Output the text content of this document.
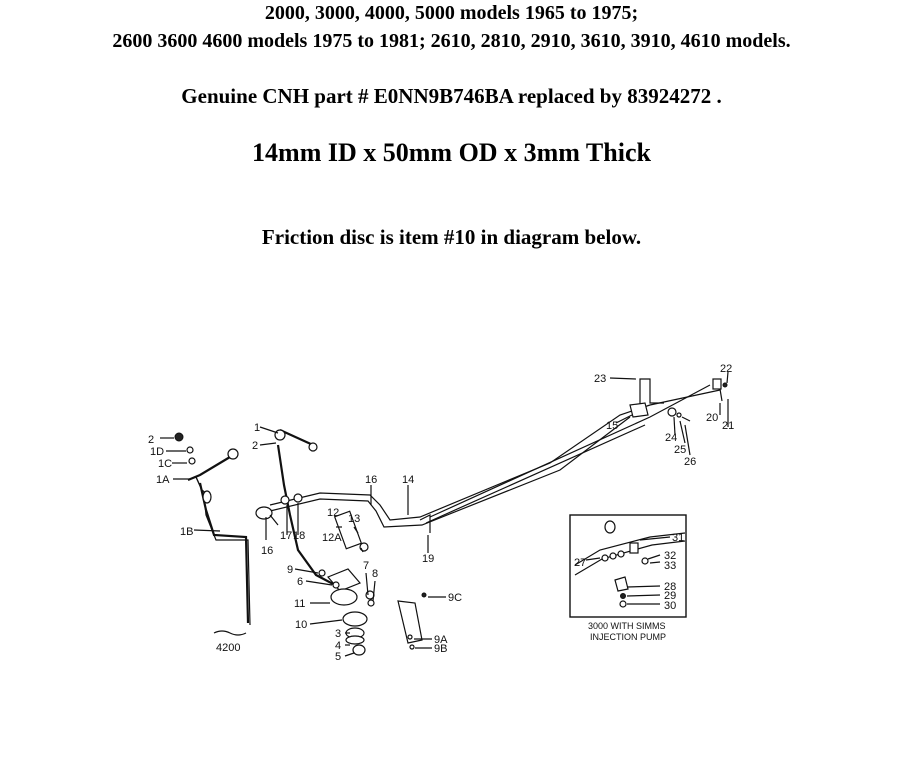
2000, 3000, 4000, 5000 models 1965 to 1975;
2600 3600 4600 models 1975 to 1981; 2610, 2810, 2910, 3610, 3910, 4610 models.
Genuine CNH part # E0NN9B746BA replaced by 83924272 .
14mm ID x 50mm OD x 3mm Thick
Friction disc is item #10 in diagram below.
2
1D
1C
1A
1B
4200
1
2
16
17 18
16 14
12
12A
13
9
6
7
8
11
10
3
4
5
9C
9A
9B
19
23
15
22
20
21
24
25
26
27
31
32
33
28
29
30
3000 WITH SIMMS
INJECTION PUMP
